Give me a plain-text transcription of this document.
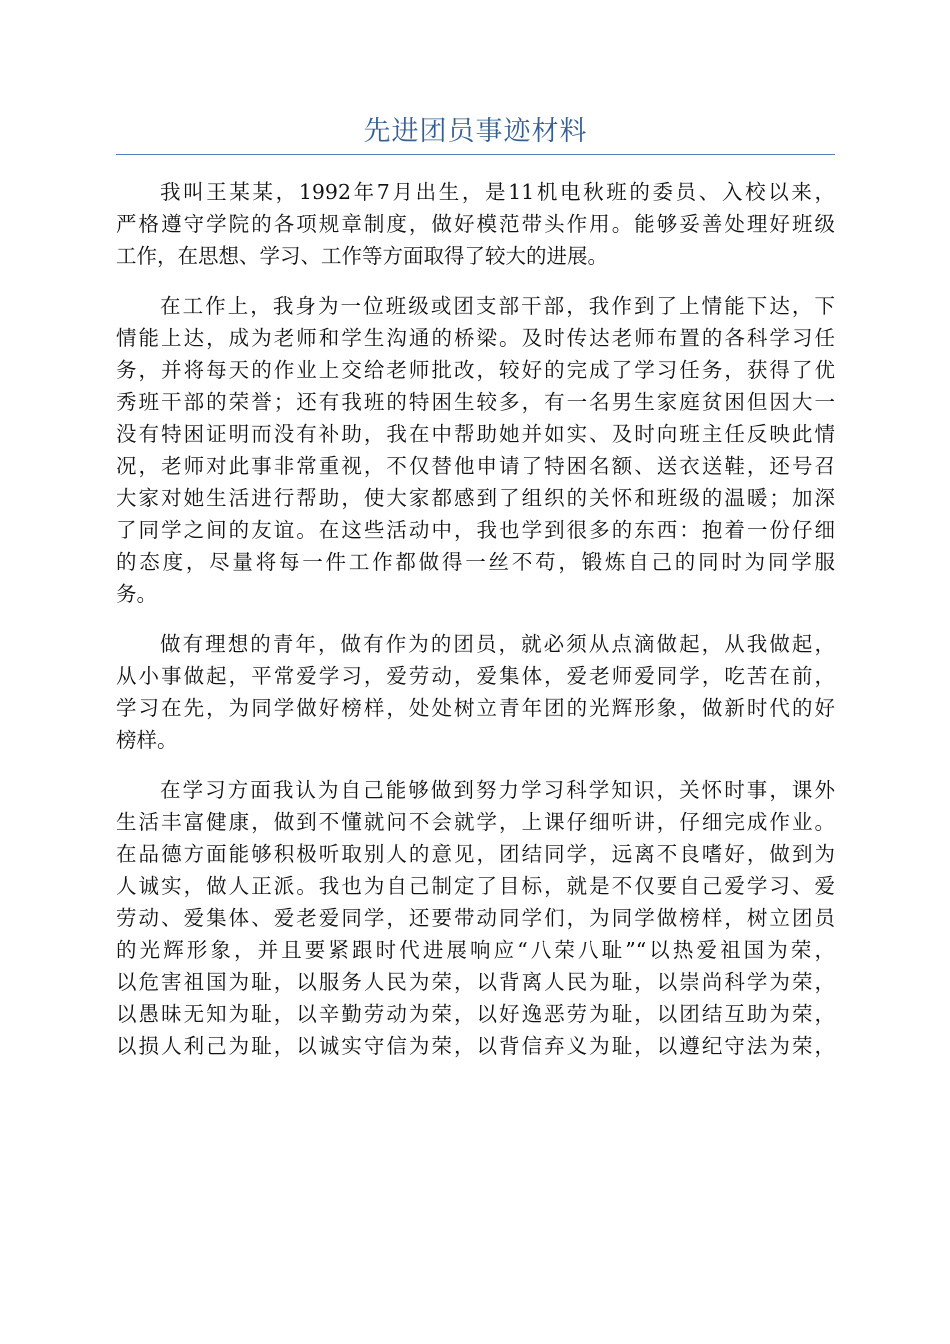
先进团员事迹材料
我叫王某某，1992年7月出生，是11机电秋班的委员、入校以来，
严格遵守学院的各项规章制度，做好模范带头作用。能够妥善处理好班级
工作，在思想、学习、工作等方面取得了较大的进展。
在工作上，我身为一位班级或团支部干部，我作到了上情能下达，下
情能上达，成为老师和学生沟通的桥梁。及时传达老师布置的各科学习任
务，并将每天的作业上交给老师批改，较好的完成了学习任务，获得了优
秀班干部的荣誉；还有我班的特困生较多，有一名男生家庭贫困但因大一
没有特困证明而没有补助，我在中帮助她并如实、及时向班主任反映此情
况，老师对此事非常重视，不仅替他申请了特困名额、送衣送鞋，还号召
大家对她生活进行帮助，使大家都感到了组织的关怀和班级的温暖；加深
了同学之间的友谊。在这些活动中，我也学到很多的东西：抱着一份仔细
的态度，尽量将每一件工作都做得一丝不苟，锻炼自己的同时为同学服
务。
做有理想的青年，做有作为的团员，就必须从点滴做起，从我做起，
从小事做起，平常爱学习，爱劳动，爱集体，爱老师爱同学，吃苦在前，
学习在先，为同学做好榜样，处处树立青年团的光辉形象，做新时代的好
榜样。
在学习方面我认为自己能够做到努力学习科学知识，关怀时事，课外
生活丰富健康，做到不懂就问不会就学，上课仔细听讲，仔细完成作业。
在品德方面能够积极听取别人的意见，团结同学，远离不良嗜好，做到为
人诚实，做人正派。我也为自己制定了目标，就是不仅要自己爱学习、爱
劳动、爱集体、爱老爱同学，还要带动同学们，为同学做榜样，树立团员
的光辉形象，并且要紧跟时代进展响应“八荣八耻”“以热爱祖国为荣，
以危害祖国为耻，以服务人民为荣，以背离人民为耻，以崇尚科学为荣，
以愚昧无知为耻，以辛勤劳动为荣，以好逸恶劳为耻，以团结互助为荣，
以损人利己为耻，以诚实守信为荣，以背信弃义为耻，以遵纪守法为荣，
